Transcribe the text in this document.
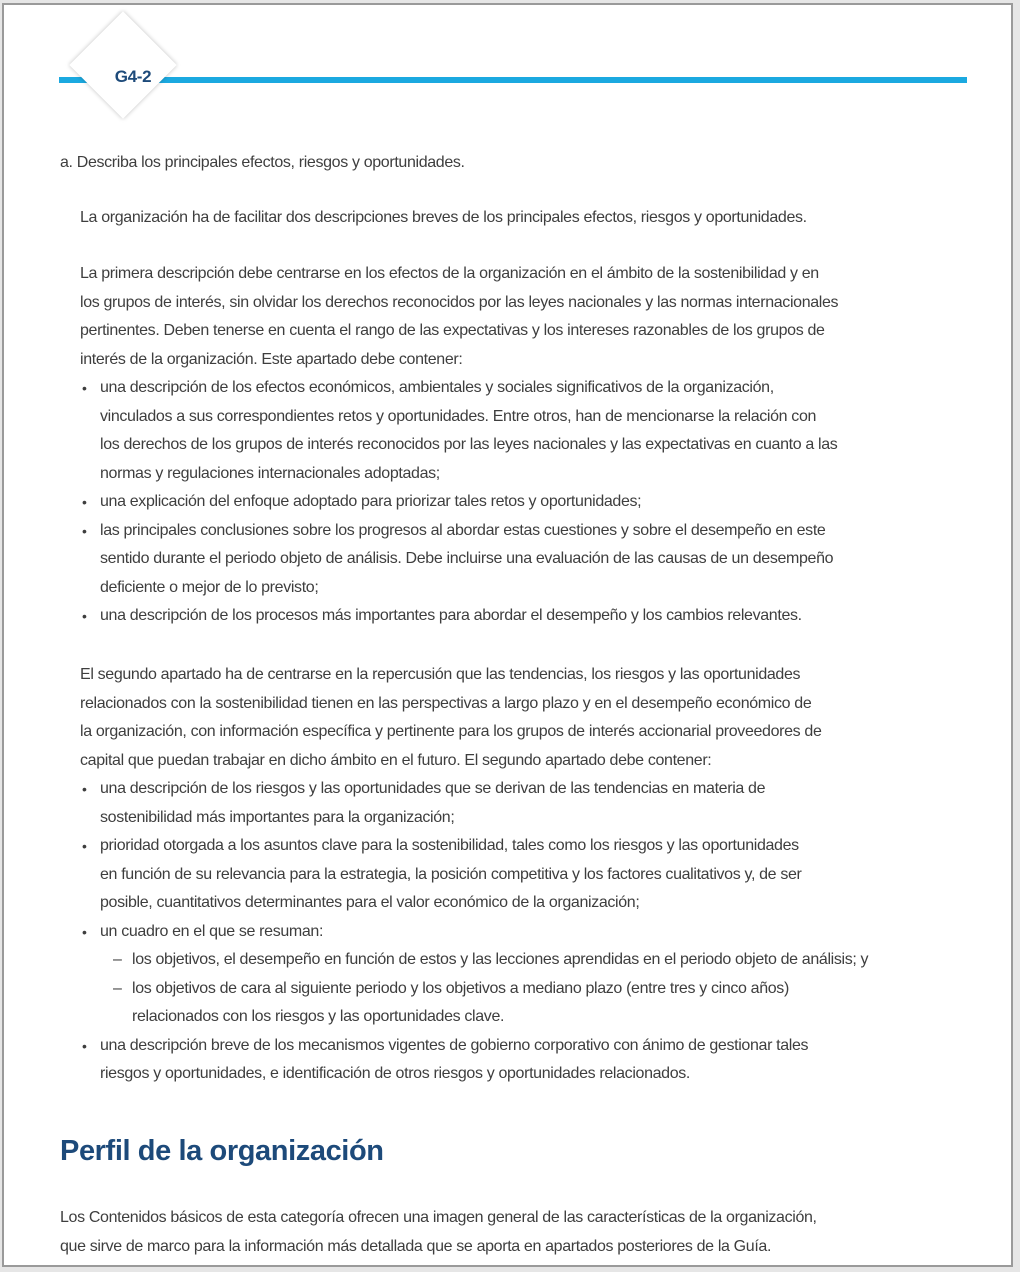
G4-2
a. Describa los principales efectos, riesgos y oportunidades.
La organización ha de facilitar dos descripciones breves de los principales efectos, riesgos y oportunidades.
La primera descripción debe centrarse en los efectos de la organización en el ámbito de la sostenibilidad y en
los grupos de interés, sin olvidar los derechos reconocidos por las leyes nacionales y las normas internacionales
pertinentes. Deben tenerse en cuenta el rango de las expectativas y los intereses razonables de los grupos de
interés de la organización. Este apartado debe contener:
• una descripción de los efectos económicos, ambientales y sociales significativos de la organización,
vinculados a sus correspondientes retos y oportunidades. Entre otros, han de mencionarse la relación con
los derechos de los grupos de interés reconocidos por las leyes nacionales y las expectativas en cuanto a las
normas y regulaciones internacionales adoptadas;
• una explicación del enfoque adoptado para priorizar tales retos y oportunidades;
• las principales conclusiones sobre los progresos al abordar estas cuestiones y sobre el desempeño en este
sentido durante el periodo objeto de análisis. Debe incluirse una evaluación de las causas de un desempeño
deficiente o mejor de lo previsto;
• una descripción de los procesos más importantes para abordar el desempeño y los cambios relevantes.
El segundo apartado ha de centrarse en la repercusión que las tendencias, los riesgos y las oportunidades
relacionados con la sostenibilidad tienen en las perspectivas a largo plazo y en el desempeño económico de
la organización, con información específica y pertinente para los grupos de interés accionarial proveedores de
capital que puedan trabajar en dicho ámbito en el futuro. El segundo apartado debe contener:
• una descripción de los riesgos y las oportunidades que se derivan de las tendencias en materia de
sostenibilidad más importantes para la organización;
• prioridad otorgada a los asuntos clave para la sostenibilidad, tales como los riesgos y las oportunidades
en función de su relevancia para la estrategia, la posición competitiva y los factores cualitativos y, de ser
posible, cuantitativos determinantes para el valor económico de la organización;
• un cuadro en el que se resuman:
– los objetivos, el desempeño en función de estos y las lecciones aprendidas en el periodo objeto de análisis; y
– los objetivos de cara al siguiente periodo y los objetivos a mediano plazo (entre tres y cinco años)
relacionados con los riesgos y las oportunidades clave.
• una descripción breve de los mecanismos vigentes de gobierno corporativo con ánimo de gestionar tales
riesgos y oportunidades, e identificación de otros riesgos y oportunidades relacionados.
Perfil de la organización
Los Contenidos básicos de esta categoría ofrecen una imagen general de las características de la organización,
que sirve de marco para la información más detallada que se aporta en apartados posteriores de la Guía.
